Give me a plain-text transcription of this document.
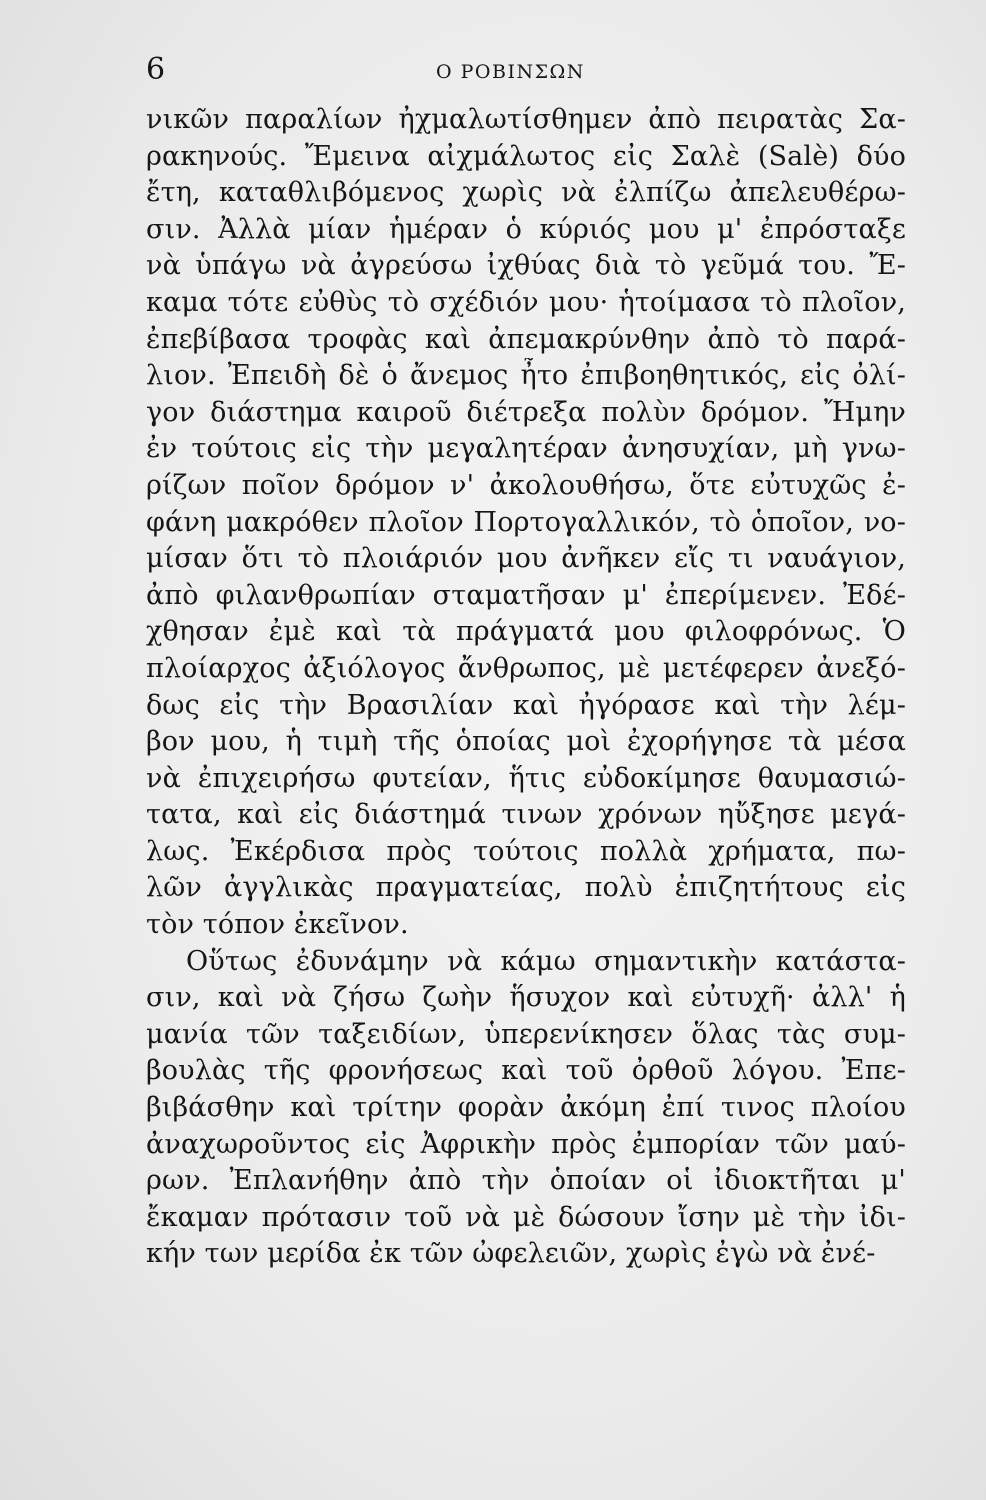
6	Ο ΡΟΒΙΝΣΩΝ
νικῶν παραλίων ἠχμαλωτίσθημεν ἀπὸ πειρατὰς Σα-
ρακηνούς. Ἔμεινα αἰχμάλωτος εἰς Σαλὲ (Salè) δύο
ἔτη, καταθλιβόμενος χωρὶς νὰ ἐλπίζω ἀπελευθέρω-
σιν. Ἀλλὰ μίαν ἡμέραν ὁ κύριός μου μ' ἐπρόσταξε
νὰ ὑπάγω νὰ ἀγρεύσω ἰχθύας διὰ τὸ γεῦμά του. Ἔ-
καμα τότε εὐθὺς τὸ σχέδιόν μου· ἡτοίμασα τὸ πλοῖον,
ἐπεβίβασα τροφὰς καὶ ἀπεμακρύνθην ἀπὸ τὸ παρά-
λιον. Ἐπειδὴ δὲ ὁ ἄνεμος ἦτο ἐπιβοηθητικός, εἰς ὀλί-
γον διάστημα καιροῦ διέτρεξα πολὺν δρόμον. Ἤμην
ἐν τούτοις εἰς τὴν μεγαλητέραν ἀνησυχίαν, μὴ γνω-
ρίζων ποῖον δρόμον ν' ἀκολουθήσω, ὅτε εὐτυχῶς ἐ-
φάνη μακρόθεν πλοῖον Πορτογαλλικόν, τὸ ὁποῖον, νο-
μίσαν ὅτι τὸ πλοιάριόν μου ἀνῆκεν εἴς τι ναυάγιον,
ἀπὸ φιλανθρωπίαν σταματῆσαν μ' ἐπερίμενεν. Ἐδέ-
χθησαν ἐμὲ καὶ τὰ πράγματά μου φιλοφρόνως. Ὁ
πλοίαρχος ἀξιόλογος ἄνθρωπος, μὲ μετέφερεν ἀνεξό-
δως εἰς τὴν Βρασιλίαν καὶ ἠγόρασε καὶ τὴν λέμ-
βον μου, ἡ τιμὴ τῆς ὁποίας μοὶ ἐχορήγησε τὰ μέσα
νὰ ἐπιχειρήσω φυτείαν, ἥτις εὐδοκίμησε θαυμασιώ-
τατα, καὶ εἰς διάστημά τινων χρόνων ηὔξησε μεγά-
λως. Ἐκέρδισα πρὸς τούτοις πολλὰ χρήματα, πω-
λῶν ἀγγλικὰς πραγματείας, πολὺ ἐπιζητήτους εἰς
τὸν τόπον ἐκεῖνον.
Οὕτως ἐδυνάμην νὰ κάμω σημαντικὴν κατάστα-
σιν, καὶ νὰ ζήσω ζωὴν ἥσυχον καὶ εὐτυχῆ· ἀλλ' ἡ
μανία τῶν ταξειδίων, ὑπερενίκησεν ὅλας τὰς συμ-
βουλὰς τῆς φρονήσεως καὶ τοῦ ὀρθοῦ λόγου. Ἐπε-
βιβάσθην καὶ τρίτην φορὰν ἀκόμη ἐπί τινος πλοίου
ἀναχωροῦντος εἰς Ἀφρικὴν πρὸς ἐμπορίαν τῶν μαύ-
ρων. Ἐπλανήθην ἀπὸ τὴν ὁποίαν οἱ ἰδιοκτῆται μ'
ἔκαμαν πρότασιν τοῦ νὰ μὲ δώσουν ἴσην μὲ τὴν ἰδι-
κήν των μερίδα ἐκ τῶν ὠφελειῶν, χωρὶς ἐγὼ νὰ ἐνέ-
